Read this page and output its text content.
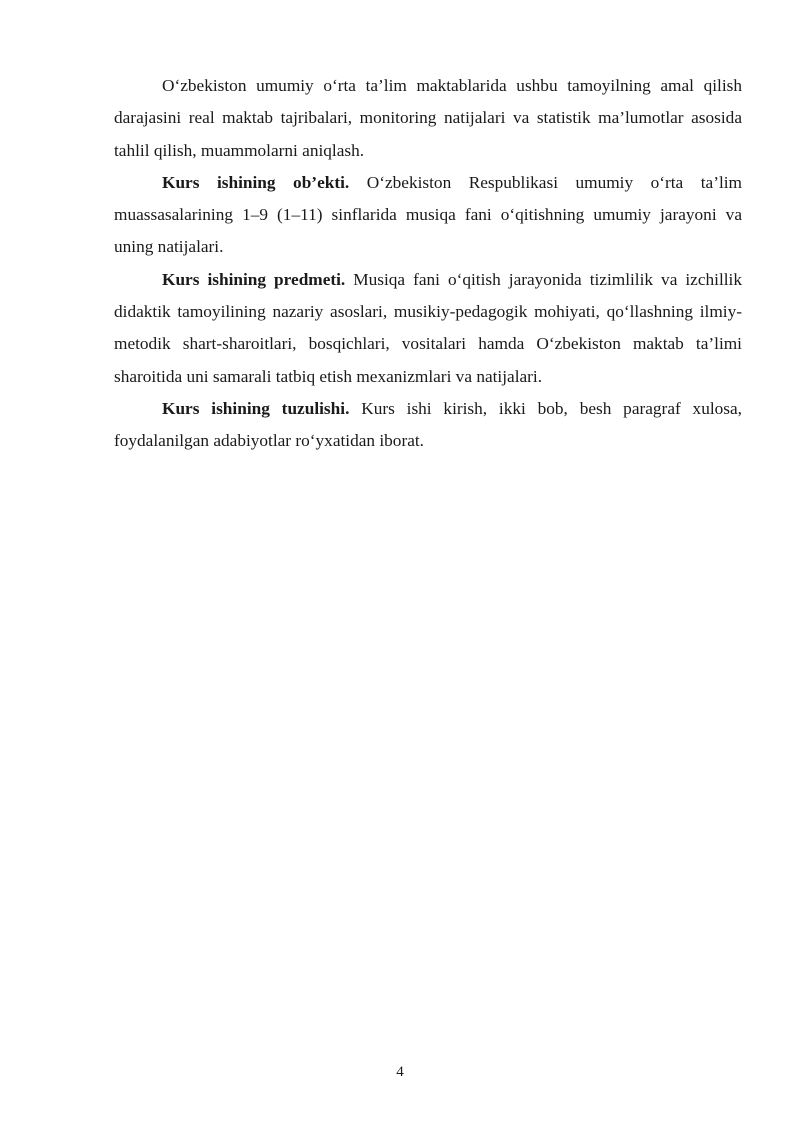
O‘zbekiston umumiy o‘rta ta’lim maktablarida ushbu tamoyilning amal qilish darajasini real maktab tajribalari, monitoring natijalari va statistik ma’lumotlar asosida tahlil qilish, muammolarni aniqlash.

Kurs ishining ob’ekti. O‘zbekiston Respublikasi umumiy o‘rta ta’lim muassasalarining 1–9 (1–11) sinflarida musiqa fani o‘qitishning umumiy jarayoni va uning natijalari.

Kurs ishining predmeti. Musiqa fani o‘qitish jarayonida tizimlilik va izchillik didaktik tamoyilining nazariy asoslari, musikiy-pedagogik mohiyati, qo‘llashning ilmiy-metodik shart-sharoitlari, bosqichlari, vositalari hamda O‘zbekiston maktab ta’limi sharoitida uni samarali tatbiq etish mexanizmlari va natijalari.

Kurs ishining tuzulishi. Kurs ishi kirish, ikki bob, besh paragraf xulosa, foydalanilgan adabiyotlar ro‘yxatidan iborat.

4
